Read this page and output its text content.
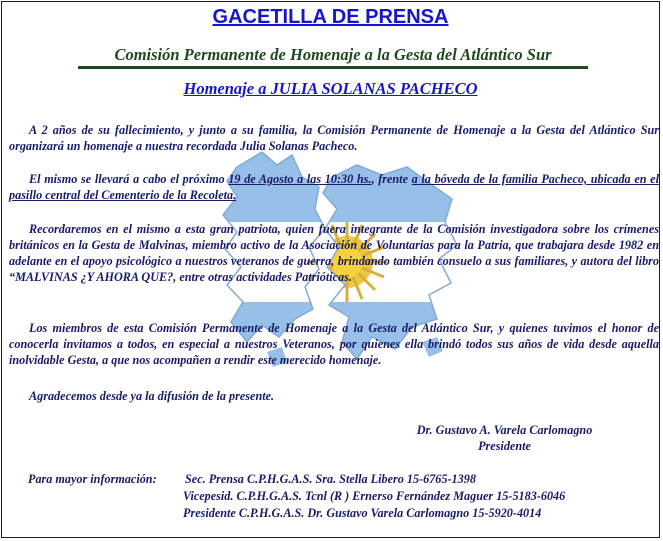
GACETILLA DE PRENSA
Comisión Permanente de Homenaje a la Gesta del Atlántico Sur
Homenaje a JULIA SOLANAS PACHECO

A 2 años de su fallecimiento, y junto a su familia, la Comisión Permanente de Homenaje a la Gesta del Atlántico Sur organizará un homenaje a nuestra recordada Julia Solanas Pacheco.

El mismo se llevará a cabo el próximo 19 de Agosto a las 10:30 hs., frente a la bóveda de la familia Pacheco, ubicada en el pasillo central del Cementerio de la Recoleta.

Recordaremos en el mismo a esta gran patriota, quien fuera integrante de la Comisión investigadora sobre los crímenes británicos en la Gesta de Malvinas, miembro activo de la Asociación de Voluntarias para la Patria, que trabajara desde 1982 en adelante en el apoyo psicológico a nuestros veteranos de guerra, brindando también consuelo a sus familiares, y autora del libro “MALVINAS ¿Y AHORA QUE?, entre otras actividades Patrióticas.

Los miembros de esta Comisión Permanente de Homenaje a la Gesta del Atlántico Sur, y quienes tuvimos el honor de conocerla invitamos a todos, en especial a nuestros Veteranos, por quienes ella brindó todos sus años de vida desde aquella inolvidable Gesta, a que nos acompañen a rendir este merecido homenaje.

Agradecemos desde ya la difusión de la presente.

Dr. Gustavo A. Varela Carlomagno
Presidente
Para mayor información: Sec. Prensa C.P.H.G.A.S. Sra. Stella Libero 15-6765-1398
Vicepesid. C.P.H.G.A.S. Tcnl (R ) Ernerso Fernández Maguer 15-5183-6046
Presidente C.P.H.G.A.S. Dr. Gustavo Varela Carlomagno 15-5920-4014
